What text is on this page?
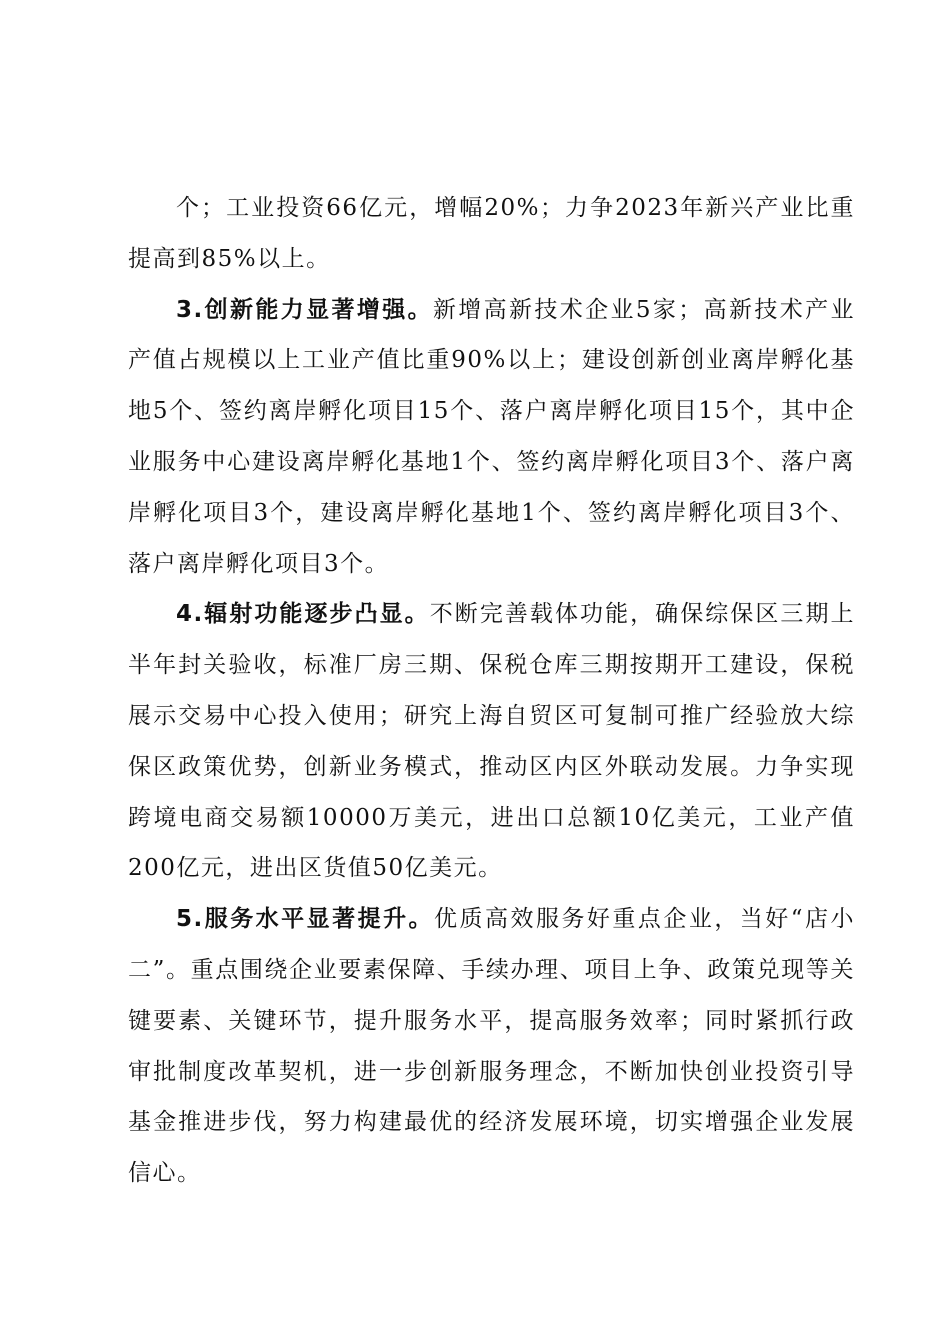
个；工业投资66亿元，增幅20%；力争2023年新兴产业比重提高到85%以上。

3.创新能力显著增强。新增高新技术企业5家；高新技术产业产值占规模以上工业产值比重90%以上；建设创新创业离岸孵化基地5个、签约离岸孵化项目15个、落户离岸孵化项目15个，其中企业服务中心建设离岸孵化基地1个、签约离岸孵化项目3个、落户离岸孵化项目3个，建设离岸孵化基地1个、签约离岸孵化项目3个、落户离岸孵化项目3个。

4.辐射功能逐步凸显。不断完善载体功能，确保综保区三期上半年封关验收，标准厂房三期、保税仓库三期按期开工建设，保税展示交易中心投入使用；研究上海自贸区可复制可推广经验放大综保区政策优势，创新业务模式，推动区内区外联动发展。力争实现跨境电商交易额10000万美元，进出口总额10亿美元，工业产值200亿元，进出区货值50亿美元。

5.服务水平显著提升。优质高效服务好重点企业，当好“店小二”。重点围绕企业要素保障、手续办理、项目上争、政策兑现等关键要素、关键环节，提升服务水平，提高服务效率；同时紧抓行政审批制度改革契机，进一步创新服务理念，不断加快创业投资引导基金推进步伐，努力构建最优的经济发展环境，切实增强企业发展信心。
